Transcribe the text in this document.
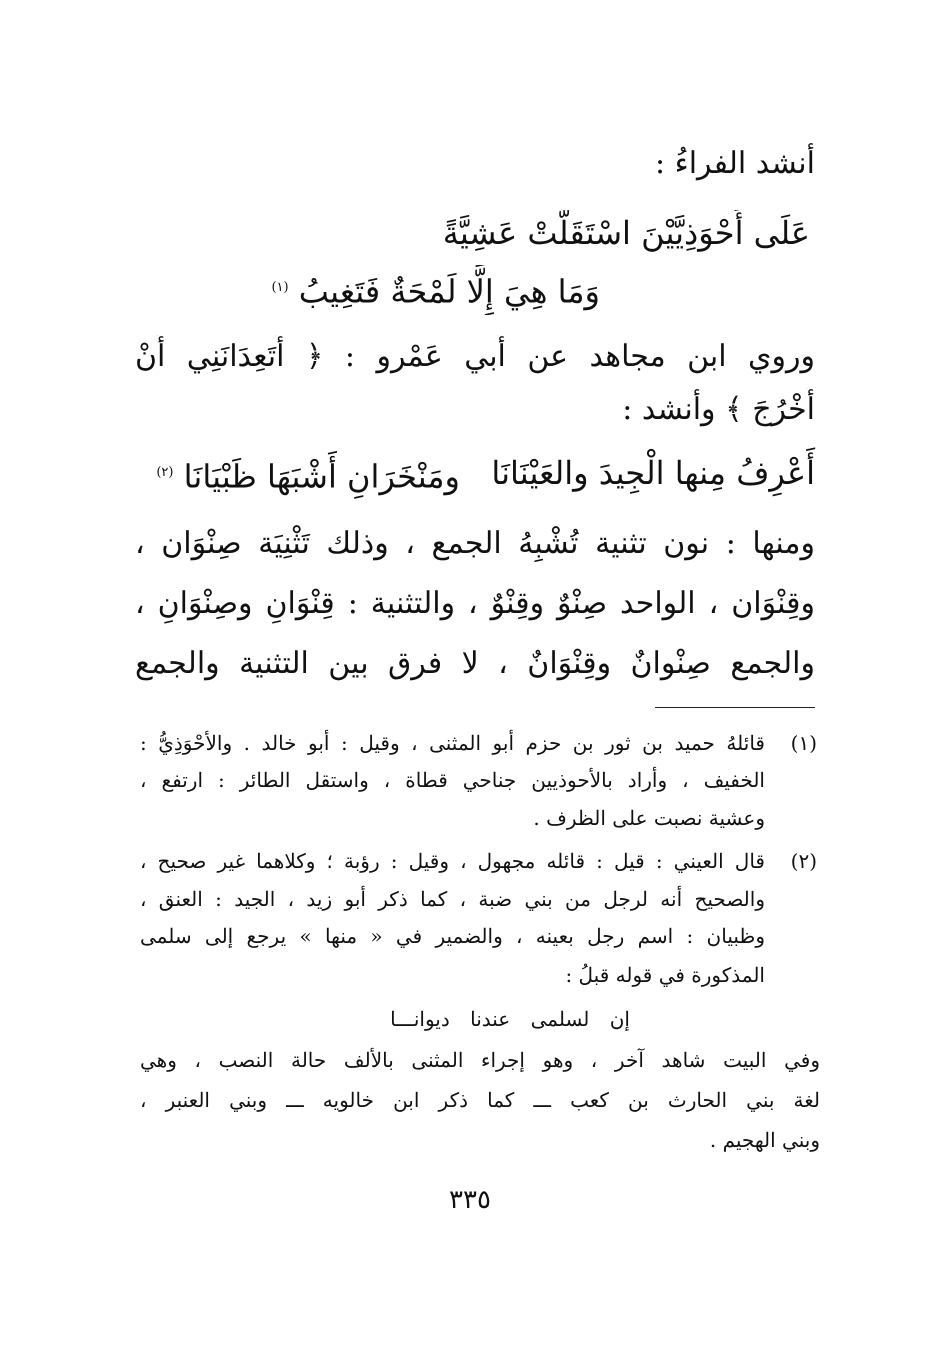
أنشد الفراءُ :
عَلَى أَحْوَذِيَّيْنَ اسْتَقَلَّتْ عَشِيَّةً
وَمَا هِيَ إِلَّا لَمْحَةٌ فَتَغِيبُ $^{(١)}$
وروي ابن مجاهد عن أَبي عَمْرو : ﴿ أَتَعِدَانَنِي أَنْ
أَخْرُجَ ﴾ وأنشد :
أَعْرِفُ مِنها الْجِيدَ والعَيْنَانَا
ومَنْخَرَانِ أَشْبَهَا ظَبْيَانَا $^{(٢)}$
ومنها : نون تثنية تُشْبِهُ الجمع ، وذلك تَثْنِيَة صِنْوَان ،
وقِنْوَان ، الواحد صِنْوٌ وقِنْوٌ ، والتثنية : قِنْوَانِ وصِنْوَانِ ،
والجمع صِنْوانٌ وقِنْوَانٌ ، لا فرق بين التثنية والجمع
(١)
قائلهُ حميد بن ثور بن حزم أبو المثنى ، وقيل : أبو خالد . والأحْوَذِيُّ :
الخفيف ، وأراد بالأحوذيين جناحي قطاة ، واستقل الطائر : ارتفع ،
وعشية نصبت على الظرف .
(٢)
قال العيني : قيل : قائله مجهول ، وقيل : رؤبة ؛ وكلاهما غير صحيح ،
والصحيح أنه لرجل من بني ضبة ، كما ذكر أبو زيد ، الجيد : العنق ،
وظبيان : اسم رجل بعينه ، والضمير في « منها » يرجع إلى سلمى
المذكورة في قوله قبلُ :
إن لسلمى عندنا ديوانـــا
وفي البيت شاهد آخر ، وهو إجراء المثنى بالألف حالة النصب ، وهي
لغة بني الحارث بن كعب ـــ كما ذكر ابن خالويه ـــ وبني العنبر ،
وبني الهجيم .
٣٣٥
